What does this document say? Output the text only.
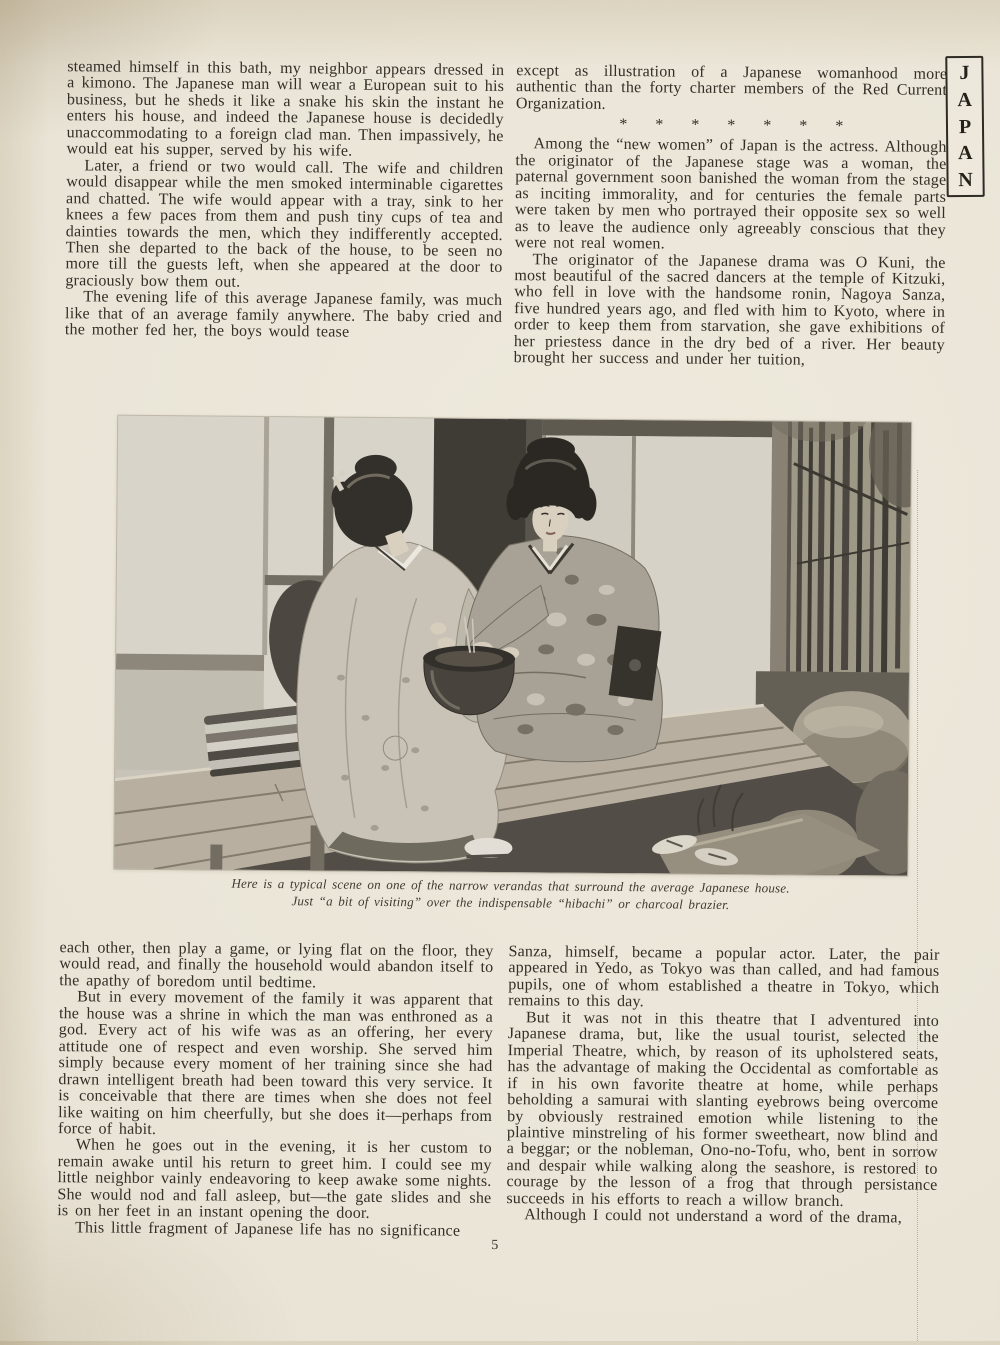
steamed himself in this bath, my neighbor appears dressed in a kimono. The Japanese man will wear a European suit to his business, but he sheds it like a snake his skin the instant he enters his house, and indeed the Japanese house is decidedly unaccommodating to a foreign clad man. Then impassively, he would eat his supper, served by his wife.

Later, a friend or two would call. The wife and children would disappear while the men smoked interminable cigarettes and chatted. The wife would appear with a tray, sink to her knees a few paces from them and push tiny cups of tea and dainties towards the men, which they indifferently accepted. Then she departed to the back of the house, to be seen no more till the guests left, when she appeared at the door to graciously bow them out.

The evening life of this average Japanese family, was much like that of an average family anywhere. The baby cried and the mother fed her, the boys would tease

except as illustration of a Japanese womanhood more authentic than the forty charter members of the Red Current Organization.

* * * * * * *

Among the “new women” of Japan is the actress. Although the originator of the Japanese stage was a woman, the paternal government soon banished the woman from the stage as inciting immorality, and for centuries the female parts were taken by men who portrayed their opposite sex so well as to leave the audience only agreeably conscious that they were not real women.

The originator of the Japanese drama was O Kuni, the most beautiful of the sacred dancers at the temple of Kitzuki, who fell in love with the handsome ronin, Nagoya Sanza, five hundred years ago, and fled with him to Kyoto, where in order to keep them from starvation, she gave exhibitions of her priestess dance in the dry bed of a river. Her beauty brought her success and under her tuition,

Here is a typical scene on one of the narrow verandas that surround the average Japanese house.
Just “a bit of visiting” over the indispensable “hibachi” or charcoal brazier.

each other, then play a game, or lying flat on the floor, they would read, and finally the household would abandon itself to the apathy of boredom until bedtime.

But in every movement of the family it was apparent that the house was a shrine in which the man was enthroned as a god. Every act of his wife was as an offering, her every attitude one of respect and even worship. She served him simply because every moment of her training since she had drawn intelligent breath had been toward this very service. It is conceivable that there are times when she does not feel like waiting on him cheerfully, but she does it—perhaps from force of habit.

When he goes out in the evening, it is her custom to remain awake until his return to greet him. I could see my little neighbor vainly endeavoring to keep awake some nights. She would nod and fall asleep, but—the gate slides and she is on her feet in an instant opening the door.

This little fragment of Japanese life has no significance

Sanza, himself, became a popular actor. Later, the pair appeared in Yedo, as Tokyo was than called, and had famous pupils, one of whom established a theatre in Tokyo, which remains to this day.

But it was not in this theatre that I adventured into Japanese drama, but, like the usual tourist, selected the Imperial Theatre, which, by reason of its upholstered seats, has the advantage of making the Occidental as comfortable as if in his own favorite theatre at home, while perhaps beholding a samurai with slanting eyebrows being overcome by obviously restrained emotion while listening to the plaintive minstreling of his former sweetheart, now blind and a beggar; or the nobleman, Ono-no-Tofu, who, bent in sorrow and despair while walking along the seashore, is restored to courage by the lesson of a frog that through persistance succeeds in his efforts to reach a willow branch.

Although I could not understand a word of the drama,

5
J
A
P
A
N
